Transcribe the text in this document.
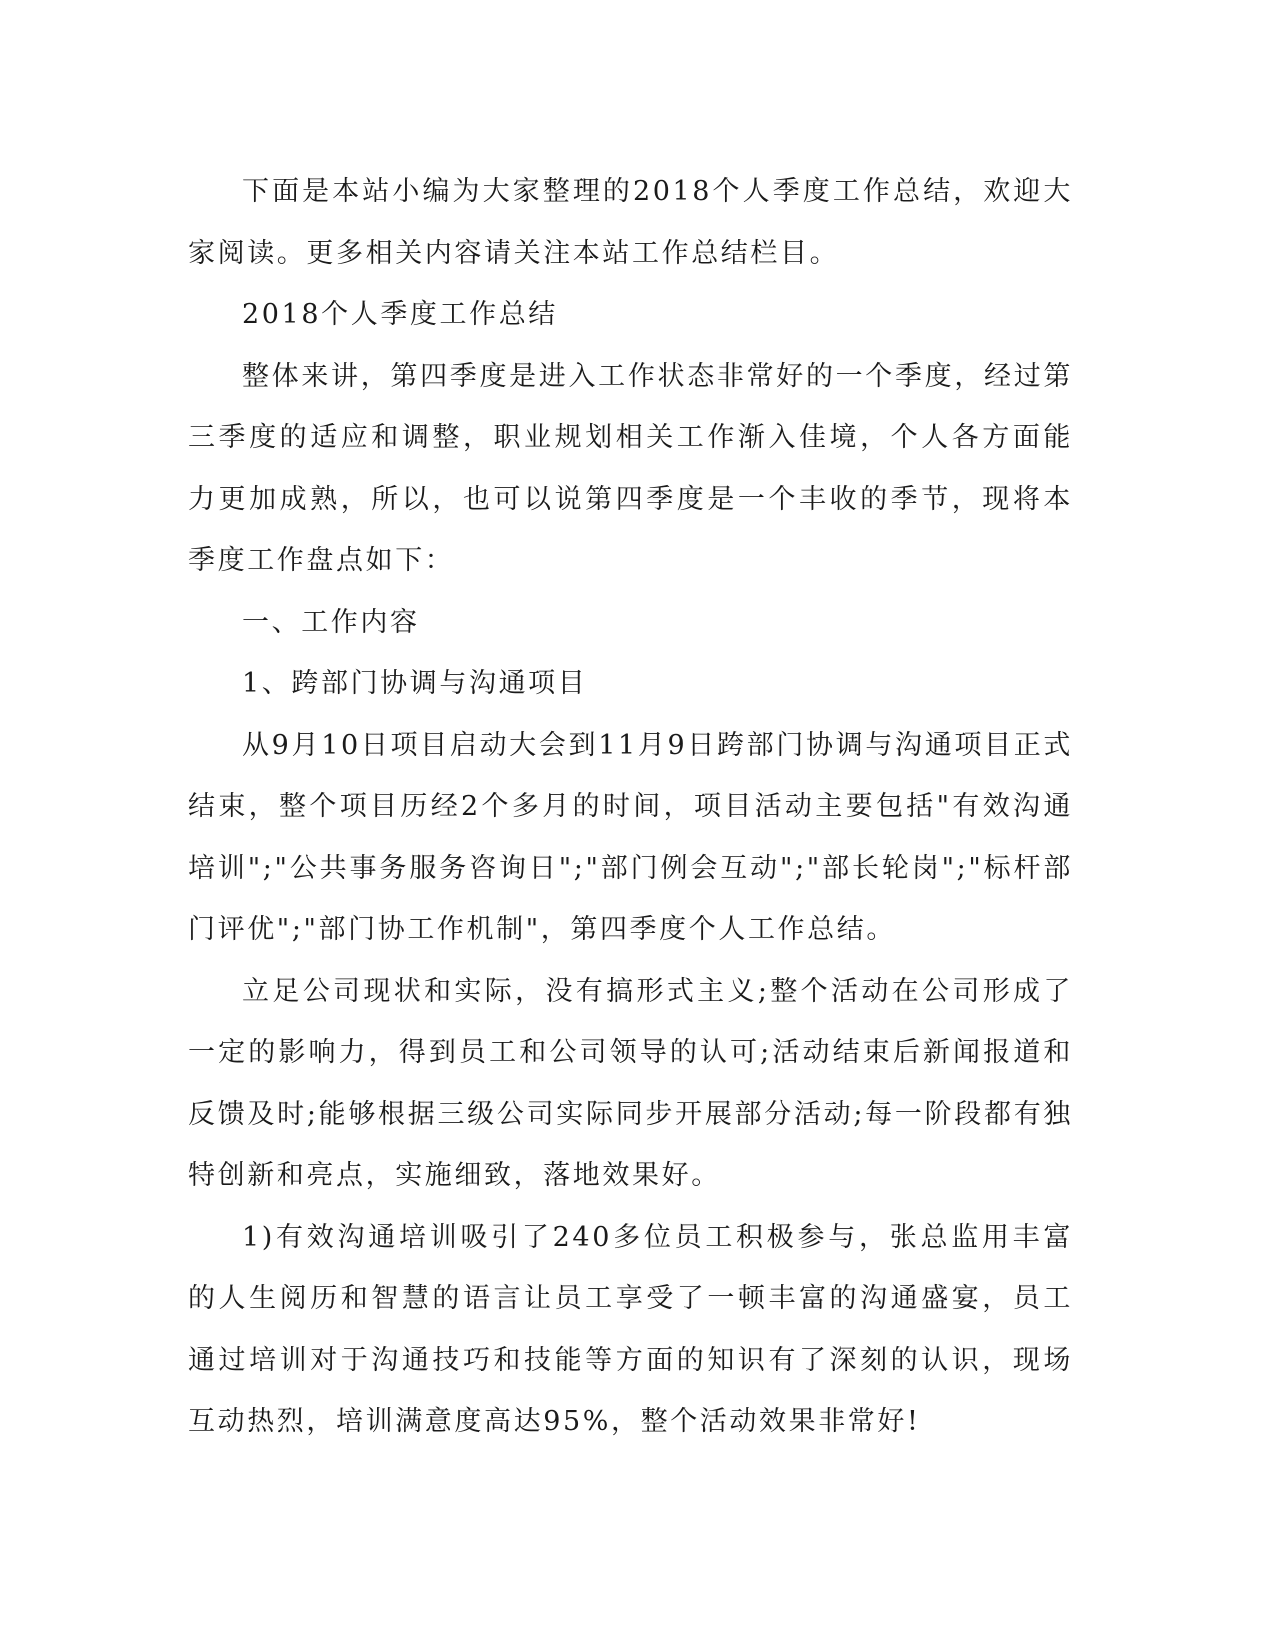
下面是本站小编为大家整理的2018个人季度工作总结，欢迎大家阅读。更多相关内容请关注本站工作总结栏目。

2018个人季度工作总结

整体来讲，第四季度是进入工作状态非常好的一个季度，经过第三季度的适应和调整，职业规划相关工作渐入佳境，个人各方面能力更加成熟，所以，也可以说第四季度是一个丰收的季节，现将本季度工作盘点如下：

一、工作内容

1、跨部门协调与沟通项目

从9月10日项目启动大会到11月9日跨部门协调与沟通项目正式结束，整个项目历经2个多月的时间，项目活动主要包括"有效沟通培训";"公共事务服务咨询日";"部门例会互动";"部长轮岗";"标杆部门评优";"部门协工作机制"，第四季度个人工作总结。

立足公司现状和实际，没有搞形式主义;整个活动在公司形成了一定的影响力，得到员工和公司领导的认可;活动结束后新闻报道和反馈及时;能够根据三级公司实际同步开展部分活动;每一阶段都有独特创新和亮点，实施细致，落地效果好。

1)有效沟通培训吸引了240多位员工积极参与，张总监用丰富的人生阅历和智慧的语言让员工享受了一顿丰富的沟通盛宴，员工通过培训对于沟通技巧和技能等方面的知识有了深刻的认识，现场互动热烈，培训满意度高达95%，整个活动效果非常好!
